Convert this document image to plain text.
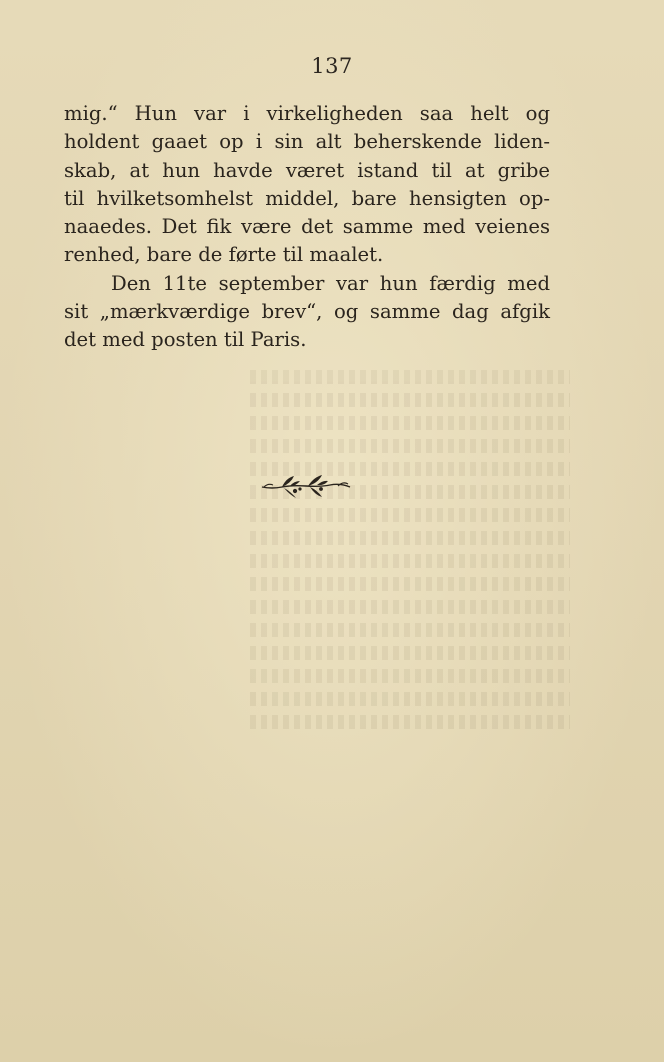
137
mig.“ Hun var i virkeligheden saa helt og
holdent gaaet op i sin alt beherskende liden-
skab, at hun havde været istand til at gribe
til hvilketsomhelst middel, bare hensigten op-
naaedes. Det fik være det samme med veienes
renhed, bare de førte til maalet.
Den 11te september var hun færdig med
sit „mærkværdige brev“, og samme dag afgik
det med posten til Paris.
